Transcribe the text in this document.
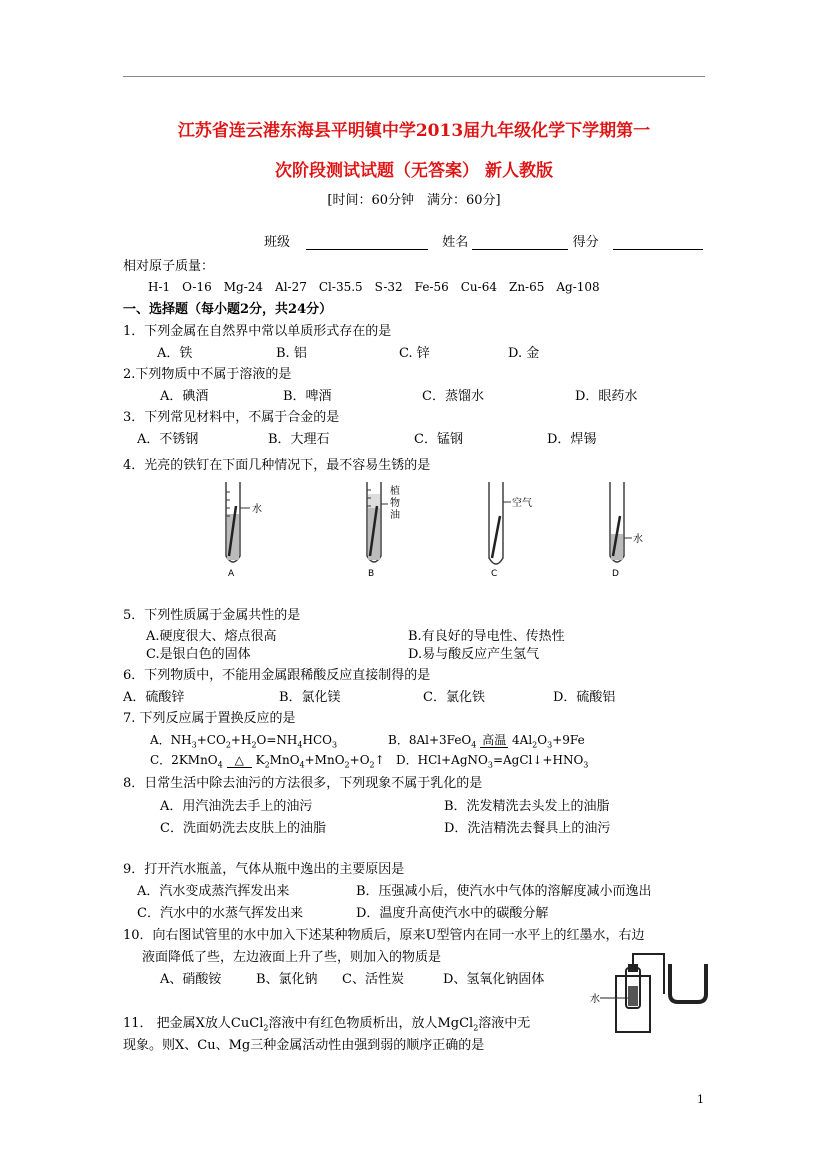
江苏省连云港东海县平明镇中学2013届九年级化学下学期第一
次阶段测试试题（无答案） 新人教版
[时间：60分钟　满分：60分]
班级	姓名	得分
相对原子质量：
H-1　O-16　Mg-24　Al-27　Cl-35.5　S-32　Fe-56　Cu-64　Zn-65　Ag-108
一、选择题（每小题2分，共24分）
1．下列金属在自然界中常以单质形式存在的是
A．铁	B. 铝	C. 锌	D. 金
2.下列物质中不属于溶液的是
A．碘酒	B．啤酒	C．蒸馏水	D．眼药水
3．下列常见材料中，不属于合金的是
A．不锈钢	B．大理石	C．锰钢	D．焊锡
4．光亮的铁钉在下面几种情况下，最不容易生锈的是
水
A
植
物
油
B
空气
C
水
D
5．下列性质属于金属共性的是
A.硬度很大、熔点很高	B.有良好的导电性、传热性
C.是银白色的固体	D.易与酸反应产生氢气
6．下列物质中，不能用金属跟稀酸反应直接制得的是
A．硫酸锌	B．氯化镁	C．氯化铁	D．硫酸铝
7. 下列反应属于置换反应的是
A．$NH_3+CO_2+H_2O=NH_4HCO_3$	B．8Al+3FeO$_4$ 高温 $4Al_2O_3+9Fe$
C．2KMnO$_4$ △ $K_2MnO_4+MnO_2+O_2↑$ D．$HCl+AgNO_3=AgCl↓+HNO_3$
8．日常生活中除去油污的方法很多，下列现象不属于乳化的是
A．用汽油洗去手上的油污	B．洗发精洗去头发上的油脂
C．洗面奶洗去皮肤上的油脂	D．洗洁精洗去餐具上的油污
9．打开汽水瓶盖，气体从瓶中逸出的主要原因是
A．汽水变成蒸汽挥发出来	B．压强减小后，使汽水中气体的溶解度减小而逸出
C．汽水中的水蒸气挥发出来	D．温度升高使汽水中的碳酸分解
10．向右图试管里的水中加入下述某种物质后，原来U型管内在同一水平上的红墨水，右边
液面降低了些，左边液面上升了些，则加入的物质是
A、硝酸铵	B、氯化钠 C、活性炭	D、氢氧化钠固体
水
11． 把金属X放人CuCl$_2$溶液中有红色物质析出，放人MgCl$_2$溶液中无
现象。则X、Cu、Mg三种金属活动性由强到弱的顺序正确的是
1
